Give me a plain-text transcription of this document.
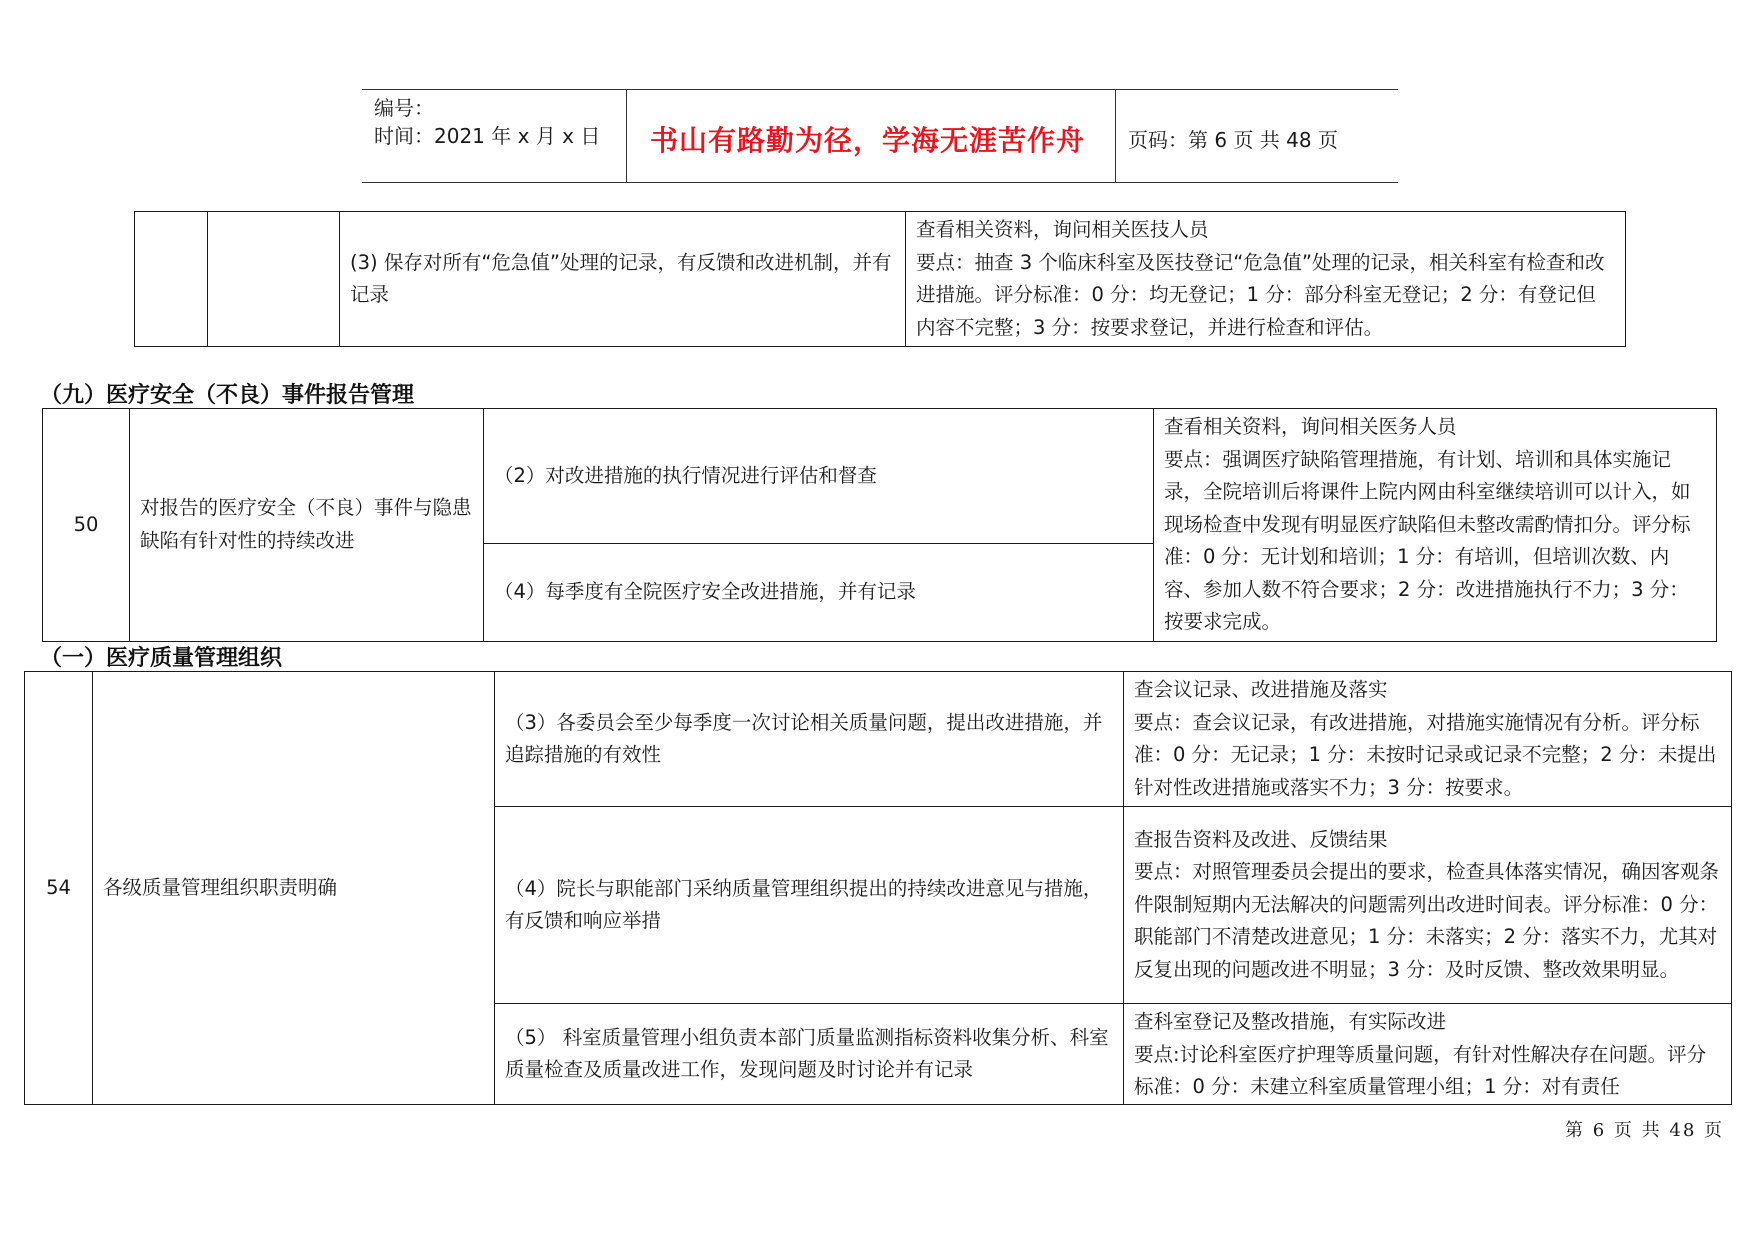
编号：
时间：2021 年 x 月 x 日 书山有路勤为径，学海无涯苦作舟 页码：第 6 页 共 48 页
		(3) 保存对所有“危急值”处理的记录，有反馈和改进机制，并有记录	
查看相关资料，询问相关医技人员
要点：抽查 3 个临床科室及医技登记“危急值”处理的记录，相关科室有检查和改进措施。评分标准：0 分：均无登记；1 分：部分科室无登记；2 分：有登记但内容不完整；3 分：按要求登记，并进行检查和评估。
（九）医疗安全（不良）事件报告管理
50	对报告的医疗安全（不良）事件与隐患缺陷有针对性的持续改进	（2）对改进措施的执行情况进行评估和督查	
查看相关资料，询问相关医务人员
要点：强调医疗缺陷管理措施，有计划、培训和具体实施记录，全院培训后将课件上院内网由科室继续培训可以计入，如现场检查中发现有明显医疗缺陷但未整改需酌情扣分。评分标准：0 分：无计划和培训；1 分：有培训，但培训次数、内容、参加人数不符合要求；2 分：改进措施执行不力；3 分：按要求完成。

（4）每季度有全院医疗安全改进措施，并有记录
（一）医疗质量管理组织
54	各级质量管理组织职责明确	（3）各委员会至少每季度一次讨论相关质量问题，提出改进措施，并追踪措施的有效性	查会议记录、改进措施及落实
要点：查会议记录，有改进措施，对措施实施情况有分析。评分标准：0 分：无记录；1 分：未按时记录或记录不完整；2 分：未提出针对性改进措施或落实不力；3 分：按要求。

		（4）院长与职能部门采纳质量管理组织提出的持续改进意见与措施，有反馈和响应举措	查报告资料及改进、反馈结果
要点：对照管理委员会提出的要求，检查具体落实情况，确因客观条件限制短期内无法解决的问题需列出改进时间表。评分标准：0 分：职能部门不清楚改进意见；1 分：未落实；2 分：落实不力，尤其对反复出现的问题改进不明显；3 分：及时反馈、整改效果明显。

		（5） 科室质量管理小组负责本部门质量监测指标资料收集分析、科室质量检查及质量改进工作，发现问题及时讨论并有记录	查科室登记及整改措施，有实际改进
要点:讨论科室医疗护理等质量问题，有针对性解决存在问题。评分标准：0 分：未建立科室质量管理小组；1 分：对有责任
第 6 页 共 48 页
